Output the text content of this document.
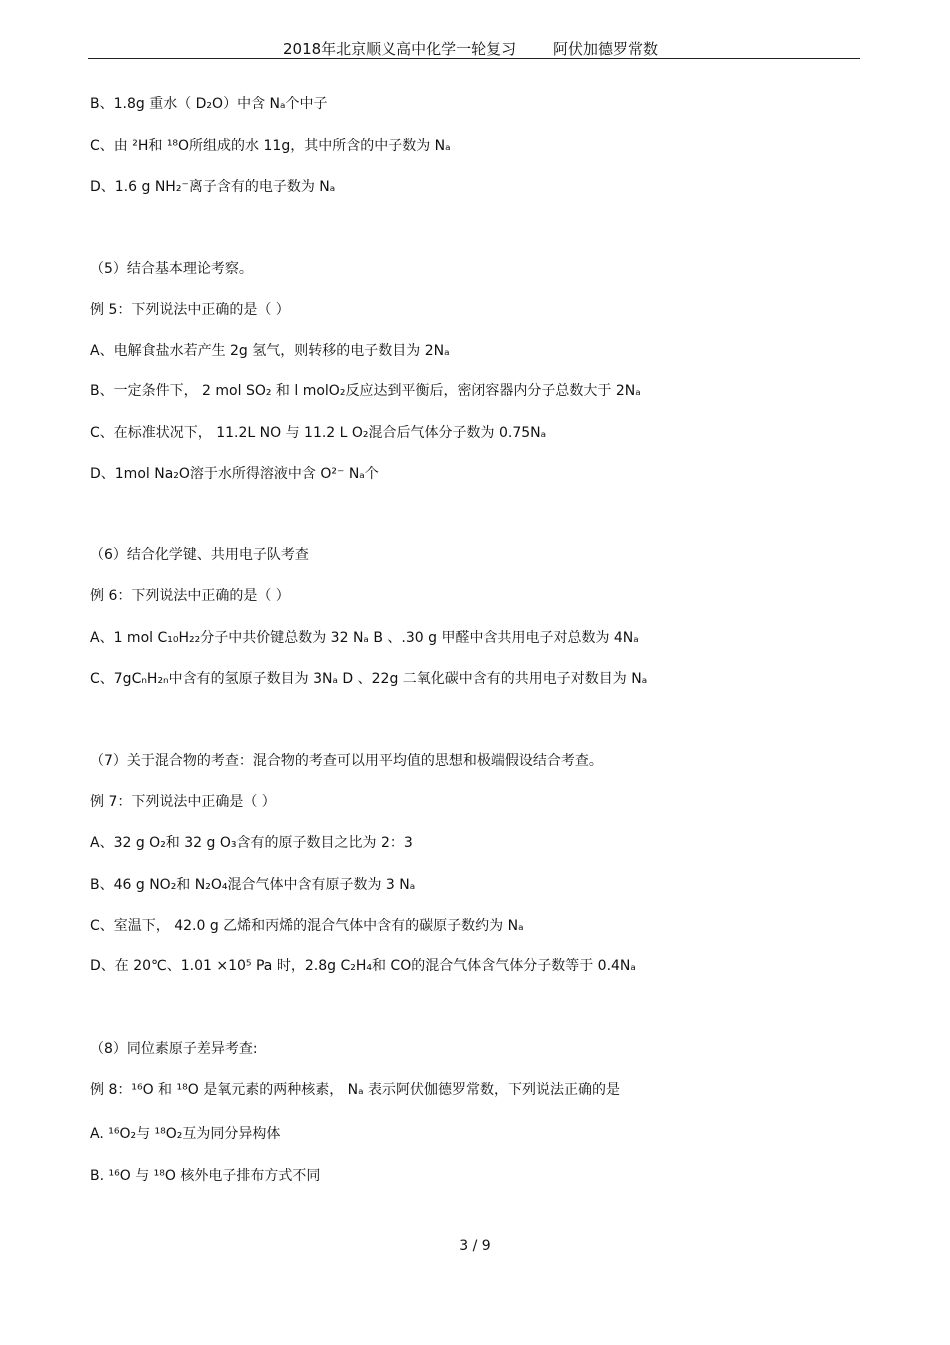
2018年北京顺义高中化学一轮复习 阿伏加德罗常数
B、1.8g 重水（ D₂O）中含 Nₐ个中子
C、由 ²H和 ¹⁸O所组成的水 11g，其中所含的中子数为 Nₐ
D、1.6 g NH₂⁻离子含有的电子数为 Nₐ
（5）结合基本理论考察。
例 5：下列说法中正确的是（ ）
A、电解食盐水若产生 2g 氢气，则转移的电子数目为 2Nₐ
B、一定条件下， 2 mol SO₂ 和 l molO₂反应达到平衡后，密闭容器内分子总数大于 2Nₐ
C、在标准状况下， 11.2L NO 与 11.2 L O₂混合后气体分子数为 0.75Nₐ
D、1mol Na₂O溶于水所得溶液中含 O²⁻ Nₐ个
（6）结合化学键、共用电子队考查
例 6：下列说法中正确的是（ ）
A、1 mol C₁₀H₂₂分子中共价键总数为 32 Nₐ B 、.30 g 甲醛中含共用电子对总数为 4Nₐ
C、7gCₙH₂ₙ中含有的氢原子数目为 3Nₐ D 、22g 二氧化碳中含有的共用电子对数目为 Nₐ
（7）关于混合物的考查：混合物的考查可以用平均值的思想和极端假设结合考查。
例 7：下列说法中正确是（ ）
A、32 g O₂和 32 g O₃含有的原子数目之比为 2：3
B、46 g NO₂和 N₂O₄混合气体中含有原子数为 3 Nₐ
C、室温下， 42.0 g 乙烯和丙烯的混合气体中含有的碳原子数约为 Nₐ
D、在 20℃、1.01 ×10⁵ Pa 时，2.8g C₂H₄和 CO的混合气体含气体分子数等于 0.4Nₐ
（8）同位素原子差异考查:
例 8：¹⁶O 和 ¹⁸O 是氧元素的两种核素， Nₐ 表示阿伏伽德罗常数，下列说法正确的是
A. ¹⁶O₂与 ¹⁸O₂互为同分异构体
B. ¹⁶O 与 ¹⁸O 核外电子排布方式不同
3 / 9
